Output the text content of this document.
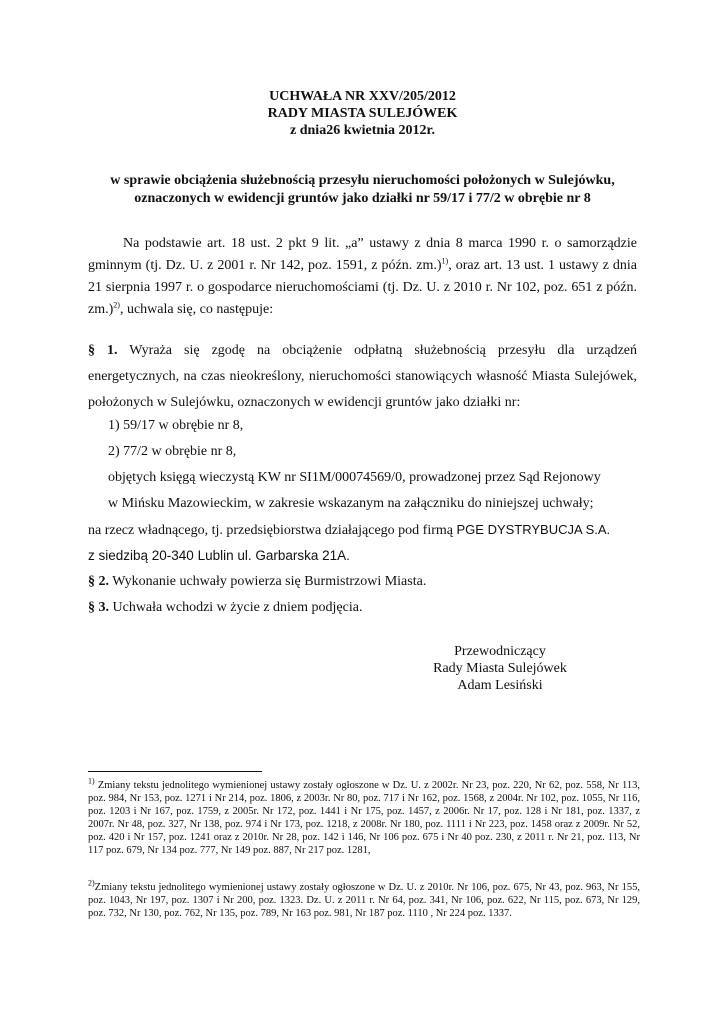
UCHWAŁA NR XXV/205/2012
RADY MIASTA SULEJÓWEK
z dnia26 kwietnia 2012r.
w sprawie obciążenia służebnością przesyłu nieruchomości położonych w Sulejówku,
oznaczonych w ewidencji gruntów jako działki nr 59/17 i 77/2 w obrębie nr 8

Na podstawie art. 18 ust. 2 pkt 9 lit. „a” ustawy z dnia 8 marca 1990 r. o samorządzie gminnym (tj. Dz. U. z 2001 r. Nr 142, poz. 1591, z późn. zm.)$^{1)}$, oraz art. 13 ust. 1 ustawy z dnia 21 sierpnia 1997 r. o gospodarce nieruchomościami (tj. Dz. U. z 2010 r. Nr 102, poz. 651 z późn. zm.)$^{2)}$, uchwala się, co następuje:

§ 1. Wyraża się zgodę na obciążenie odpłatną służebnością przesyłu dla urządzeń energetycznych, na czas nieokreślony, nieruchomości stanowiących własność Miasta Sulejówek, położonych w Sulejówku, oznaczonych w ewidencji gruntów jako działki nr:

1) 59/17 w obrębie nr 8,
2) 77/2 w obrębie nr 8,
objętych księgą wieczystą KW nr SI1M/00074569/0, prowadzonej przez Sąd Rejonowy
w Mińsku Mazowieckim, w zakresie wskazanym na załączniku do niniejszej uchwały;
na rzecz władnącego, tj. przedsiębiorstwa działającego pod firmą PGE DYSTRYBUCJA S.A.
z siedzibą 20-340 Lublin ul. Garbarska 21A.
§ 2. Wykonanie uchwały powierza się Burmistrzowi Miasta.
§ 3. Uchwała wchodzi w życie z dniem podjęcia.
Przewodniczący
Rady Miasta Sulejówek
Adam Lesiński

$^{1)}$ Zmiany tekstu jednolitego wymienionej ustawy zostały ogłoszone w Dz. U. z 2002r. Nr 23, poz. 220, Nr 62, poz. 558, Nr 113, poz. 984, Nr 153, poz. 1271 i Nr 214, poz. 1806, z 2003r. Nr 80, poz. 717 i Nr 162, poz. 1568, z 2004r. Nr 102, poz. 1055, Nr 116, poz. 1203 i Nr 167, poz. 1759, z 2005r. Nr 172, poz. 1441 i Nr 175, poz. 1457, z 2006r. Nr 17, poz. 128 i Nr 181, poz. 1337, z 2007r. Nr 48, poz. 327, Nr 138, poz. 974 i Nr 173, poz. 1218, z 2008r. Nr 180, poz. 1111 i Nr 223, poz. 1458 oraz z 2009r. Nr 52, poz. 420 i Nr 157, poz. 1241 oraz z 2010r. Nr 28, poz. 142 i 146, Nr 106 poz. 675 i Nr 40 poz. 230, z 2011 r. Nr 21, poz. 113, Nr 117 poz. 679, Nr 134 poz. 777, Nr 149 poz. 887, Nr 217 poz. 1281,

$^{2)}$Zmiany tekstu jednolitego wymienionej ustawy zostały ogłoszone w Dz. U. z 2010r. Nr 106, poz. 675, Nr 43, poz. 963, Nr 155, poz. 1043, Nr 197, poz. 1307 i Nr 200, poz. 1323. Dz. U. z 2011 r. Nr 64, poz. 341, Nr 106, poz. 622, Nr 115, poz. 673, Nr 129, poz. 732, Nr 130, poz. 762, Nr 135, poz. 789, Nr 163 poz. 981, Nr 187 poz. 1110 , Nr 224 poz. 1337.
